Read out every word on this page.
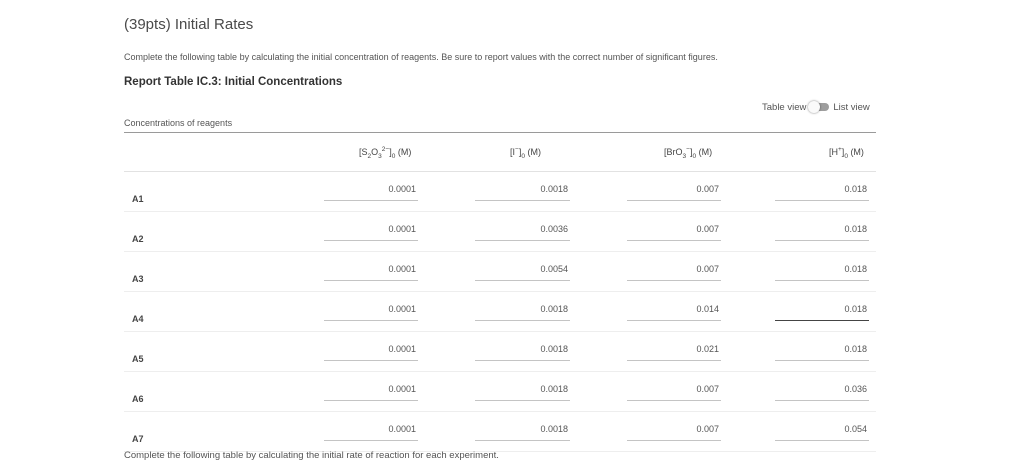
(39pts) Initial Rates
Complete the following table by calculating the initial concentration of reagents. Be sure to report values with the correct number of significant figures.
Report Table IC.3: Initial Concentrations
Table view	List view
Concentrations of reagents
$[S_2O_3^{2-}]_0$ (M)	$[I^-]_0$ (M)	$[BrO_3^-]_0$ (M)	$[H^+]_0$ (M)
A1
0.0001	0.0018	0.007	0.018
A2
0.0001	0.0036	0.007	0.018
A3
0.0001	0.0054	0.007	0.018
A4
0.0001	0.0018	0.014	0.018
A5
0.0001	0.0018	0.021	0.018
A6
0.0001	0.0018	0.007	0.036
A7
0.0001	0.0018	0.007	0.054
Complete the following table by calculating the initial rate of reaction for each experiment.
